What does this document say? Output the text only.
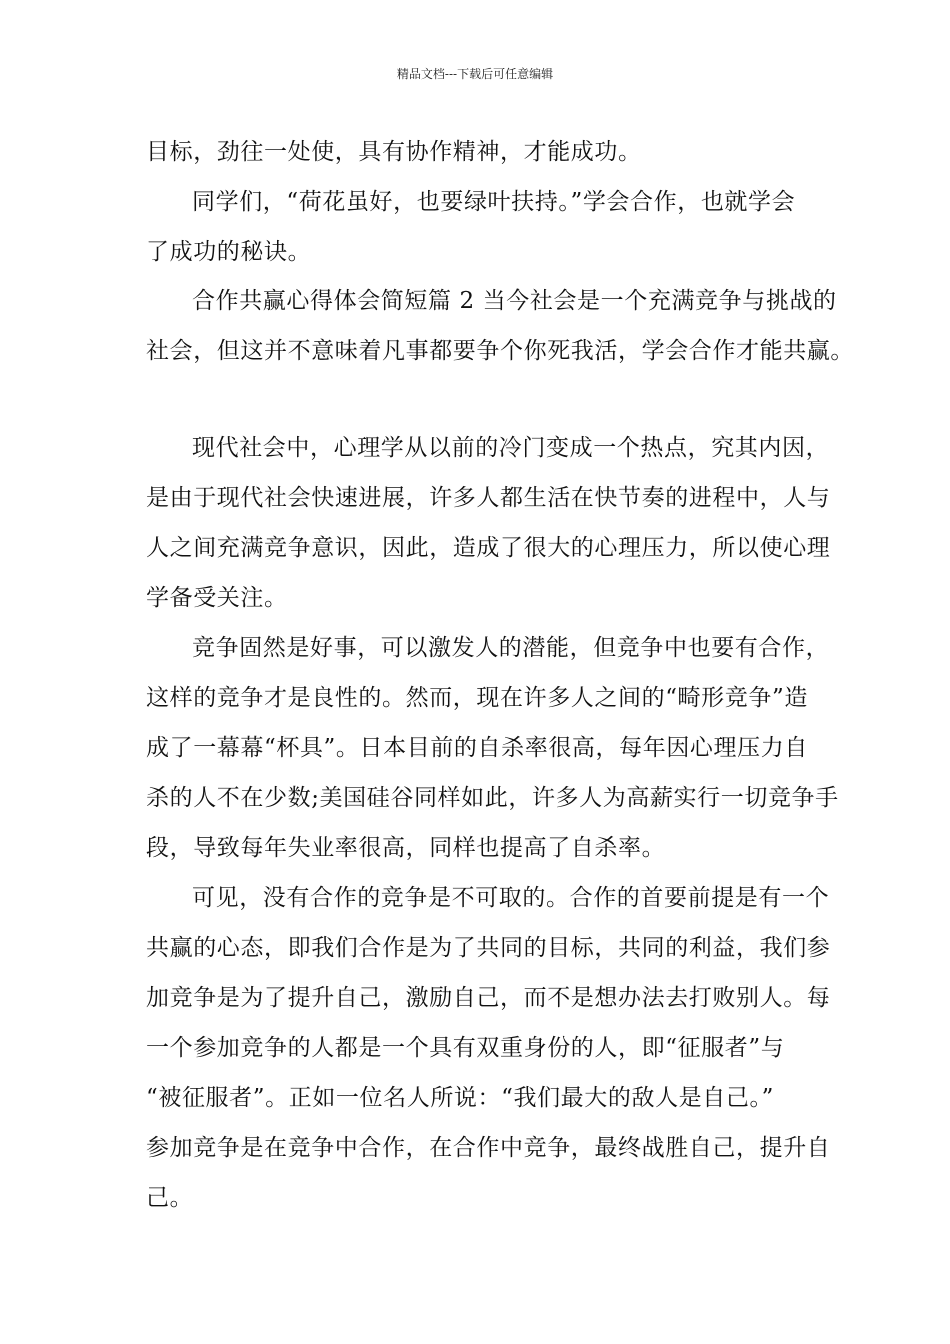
精品文档---下载后可任意编辑
目标，劲往一处使，具有协作精神，才能成功。
同学们，“荷花虽好，也要绿叶扶持。”学会合作，也就学会
了成功的秘诀。
合作共赢心得体会简短篇 2 当今社会是一个充满竞争与挑战的
社会，但这并不意味着凡事都要争个你死我活，学会合作才能共赢。
现代社会中，心理学从以前的冷门变成一个热点，究其内因，
是由于现代社会快速进展，许多人都生活在快节奏的进程中，人与
人之间充满竞争意识，因此，造成了很大的心理压力，所以使心理
学备受关注。
竞争固然是好事，可以激发人的潜能，但竞争中也要有合作，
这样的竞争才是良性的。然而，现在许多人之间的“畸形竞争”造
成了一幕幕“杯具”。日本目前的自杀率很高，每年因心理压力自
杀的人不在少数;美国硅谷同样如此，许多人为高薪实行一切竞争手
段，导致每年失业率很高，同样也提高了自杀率。
可见，没有合作的竞争是不可取的。合作的首要前提是有一个
共赢的心态，即我们合作是为了共同的目标，共同的利益，我们参
加竞争是为了提升自己，激励自己，而不是想办法去打败别人。每
一个参加竞争的人都是一个具有双重身份的人，即“征服者”与
“被征服者”。正如一位名人所说：“我们最大的敌人是自己。”
参加竞争是在竞争中合作，在合作中竞争，最终战胜自己，提升自
己。
